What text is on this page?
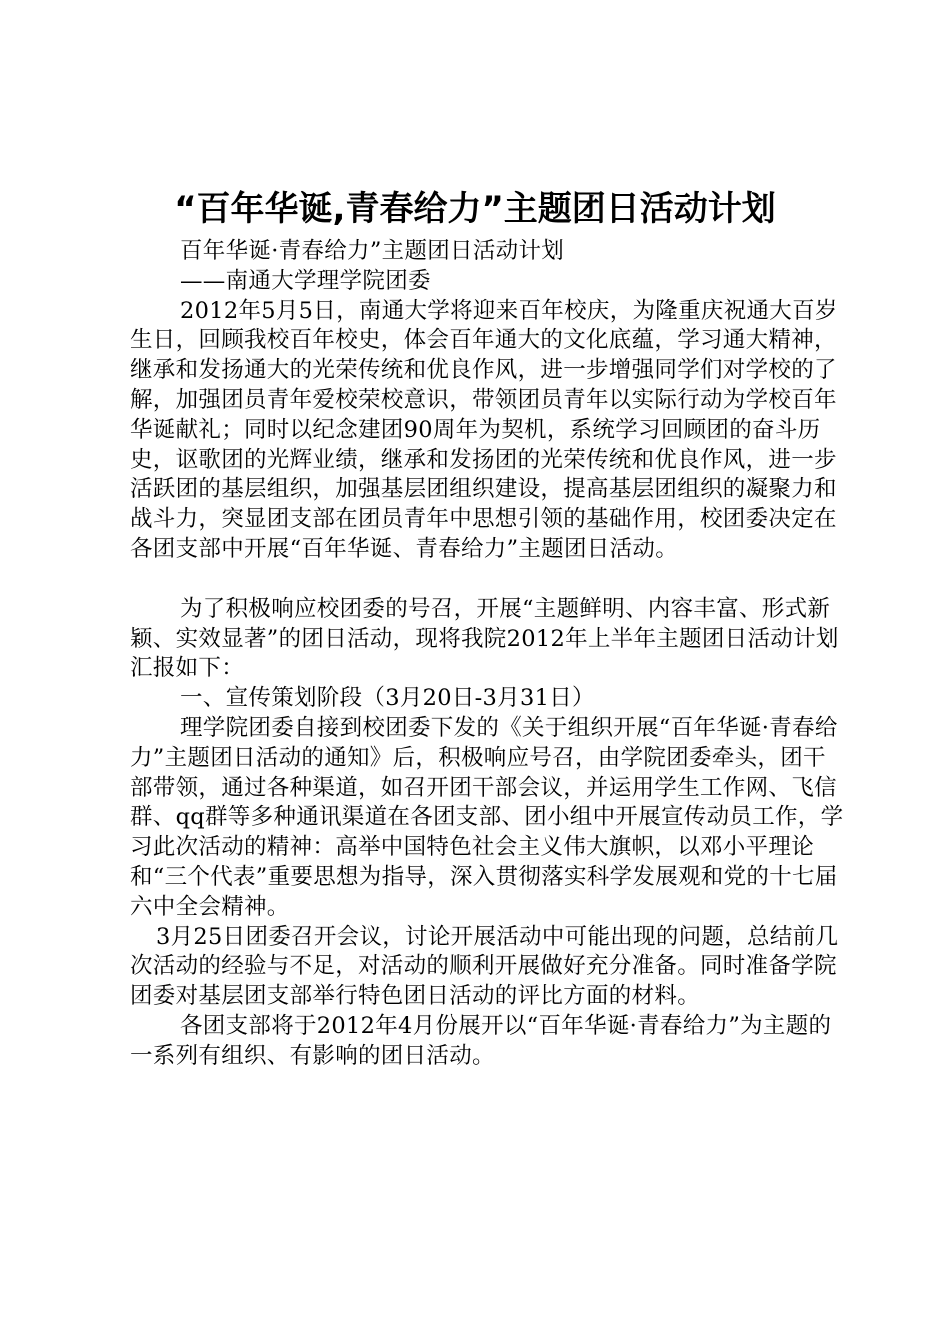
“百年华诞,青春给力”主题团日活动计划

百年华诞·青春给力”主题团日活动计划

——南通大学理学院团委

2012年5月5日，南通大学将迎来百年校庆，为隆重庆祝通大百岁生日，回顾我校百年校史，体会百年通大的文化底蕴，学习通大精神，继承和发扬通大的光荣传统和优良作风，进一步增强同学们对学校的了解，加强团员青年爱校荣校意识，带领团员青年以实际行动为学校百年华诞献礼；同时以纪念建团90周年为契机，系统学习回顾团的奋斗历史，讴歌团的光辉业绩，继承和发扬团的光荣传统和优良作风，进一步活跃团的基层组织，加强基层团组织建设，提高基层团组织的凝聚力和战斗力，突显团支部在团员青年中思想引领的基础作用，校团委决定在各团支部中开展“百年华诞、青春给力”主题团日活动。

为了积极响应校团委的号召，开展“主题鲜明、内容丰富、形式新颖、实效显著”的团日活动，现将我院2012年上半年主题团日活动计划汇报如下：

一、宣传策划阶段（3月20日-3月31日）

理学院团委自接到校团委下发的《关于组织开展“百年华诞·青春给力”主题团日活动的通知》后，积极响应号召，由学院团委牵头，团干部带领，通过各种渠道，如召开团干部会议，并运用学生工作网、飞信群、qq群等多种通讯渠道在各团支部、团小组中开展宣传动员工作，学习此次活动的精神：高举中国特色社会主义伟大旗帜，以邓小平理论和“三个代表”重要思想为指导，深入贯彻落实科学发展观和党的十七届六中全会精神。

3月25日团委召开会议，讨论开展活动中可能出现的问题，总结前几次活动的经验与不足，对活动的顺利开展做好充分准备。同时准备学院团委对基层团支部举行特色团日活动的评比方面的材料。

各团支部将于2012年4月份展开以“百年华诞·青春给力”为主题的一系列有组织、有影响的团日活动。
